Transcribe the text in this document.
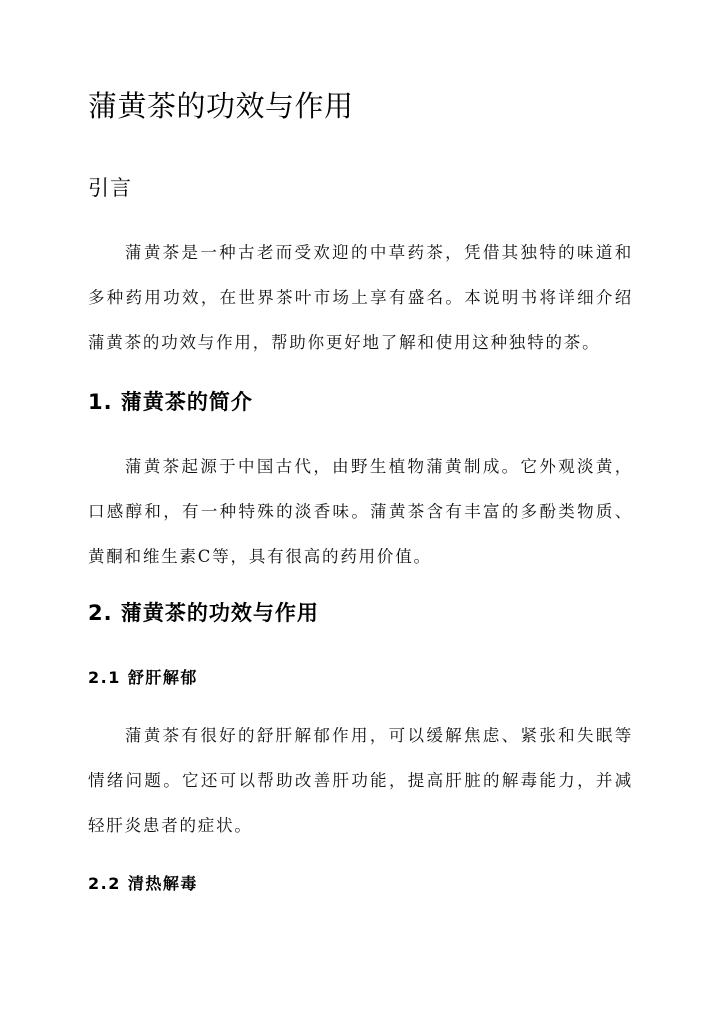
蒲黄茶的功效与作用
引言

蒲黄茶是一种古老而受欢迎的中草药茶，凭借其独特的味道和多种药用功效，在世界茶叶市场上享有盛名。本说明书将详细介绍蒲黄茶的功效与作用，帮助你更好地了解和使用这种独特的茶。

1. 蒲黄茶的简介

蒲黄茶起源于中国古代，由野生植物蒲黄制成。它外观淡黄，口感醇和，有一种特殊的淡香味。蒲黄茶含有丰富的多酚类物质、黄酮和维生素C等，具有很高的药用价值。

2. 蒲黄茶的功效与作用
2.1 舒肝解郁

蒲黄茶有很好的舒肝解郁作用，可以缓解焦虑、紧张和失眠等情绪问题。它还可以帮助改善肝功能，提高肝脏的解毒能力，并减轻肝炎患者的症状。

2.2 清热解毒
